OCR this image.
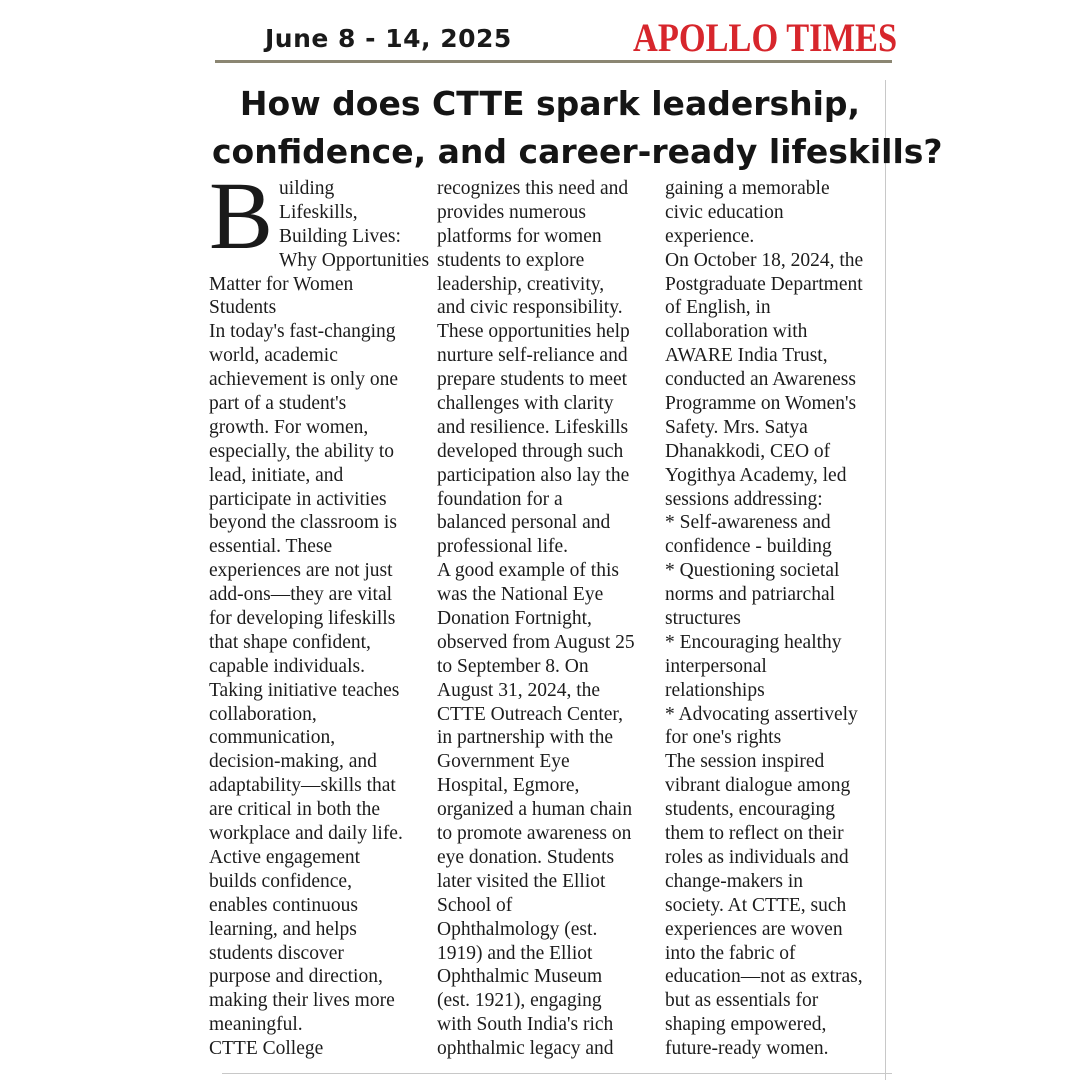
June 8 - 14, 2025	APOLLO TIMES
How does CTTE spark leadership,
confidence, and career-ready lifeskills?
B uilding
Lifeskills,
Building Lives:
Why Opportunities
Matter for Women
Students
In today's fast-changing
world, academic
achievement is only one
part of a student's
growth. For women,
especially, the ability to
lead, initiate, and
participate in activities
beyond the classroom is
essential. These
experiences are not just
add-ons—they are vital
for developing lifeskills
that shape confident,
capable individuals.
Taking initiative teaches
collaboration,
communication,
decision-making, and
adaptability—skills that
are critical in both the
workplace and daily life.
Active engagement
builds confidence,
enables continuous
learning, and helps
students discover
purpose and direction,
making their lives more
meaningful.
CTTE College
recognizes this need and
provides numerous
platforms for women
students to explore
leadership, creativity,
and civic responsibility.
These opportunities help
nurture self-reliance and
prepare students to meet
challenges with clarity
and resilience. Lifeskills
developed through such
participation also lay the
foundation for a
balanced personal and
professional life.
A good example of this
was the National Eye
Donation Fortnight,
observed from August 25
to September 8. On
August 31, 2024, the
CTTE Outreach Center,
in partnership with the
Government Eye
Hospital, Egmore,
organized a human chain
to promote awareness on
eye donation. Students
later visited the Elliot
School of
Ophthalmology (est.
1919) and the Elliot
Ophthalmic Museum
(est. 1921), engaging
with South India's rich
ophthalmic legacy and
gaining a memorable
civic education
experience.
On October 18, 2024, the
Postgraduate Department
of English, in
collaboration with
AWARE India Trust,
conducted an Awareness
Programme on Women's
Safety. Mrs. Satya
Dhanakkodi, CEO of
Yogithya Academy, led
sessions addressing:
* Self-awareness and
confidence - building
* Questioning societal
norms and patriarchal
structures
* Encouraging healthy
interpersonal
relationships
* Advocating assertively
for one's rights
The session inspired
vibrant dialogue among
students, encouraging
them to reflect on their
roles as individuals and
change-makers in
society. At CTTE, such
experiences are woven
into the fabric of
education—not as extras,
but as essentials for
shaping empowered,
future-ready women.
